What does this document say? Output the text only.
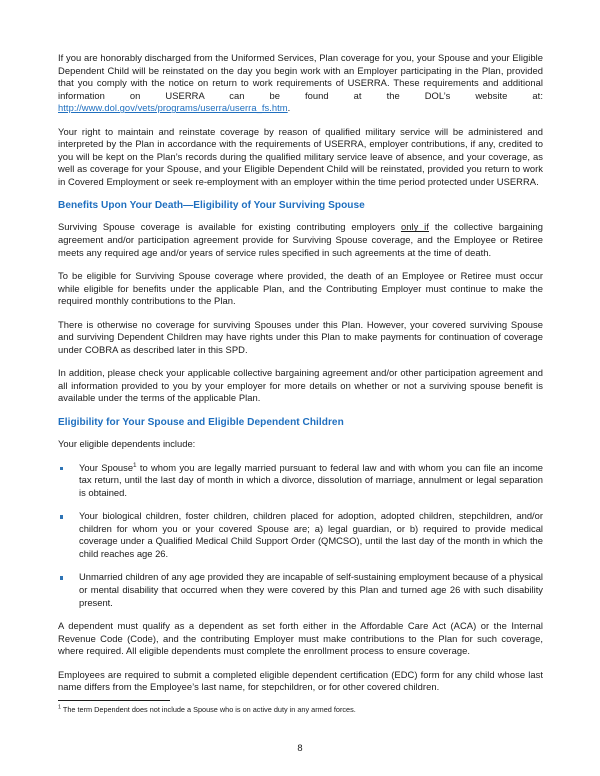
If you are honorably discharged from the Uniformed Services, Plan coverage for you, your Spouse and your Eligible Dependent Child will be reinstated on the day you begin work with an Employer participating in the Plan, provided that you comply with the notice on return to work requirements of USERRA. These requirements and additional information on USERRA can be found at the DOL’s website at: http://www.dol.gov/vets/programs/userra/userra_fs.htm.

Your right to maintain and reinstate coverage by reason of qualified military service will be administered and interpreted by the Plan in accordance with the requirements of USERRA, employer contributions, if any, credited to you will be kept on the Plan’s records during the qualified military service leave of absence, and your coverage, as well as coverage for your Spouse, and your Eligible Dependent Child will be reinstated, provided you return to work in Covered Employment or seek re-employment with an employer within the time period protected under USERRA.

Benefits Upon Your Death—Eligibility of Your Surviving Spouse

Surviving Spouse coverage is available for existing contributing employers only if the collective bargaining agreement and/or participation agreement provide for Surviving Spouse coverage, and the Employee or Retiree meets any required age and/or years of service rules specified in such agreements at the time of death.

To be eligible for Surviving Spouse coverage where provided, the death of an Employee or Retiree must occur while eligible for benefits under the applicable Plan, and the Contributing Employer must continue to make the required monthly contributions to the Plan.

There is otherwise no coverage for surviving Spouses under this Plan. However, your covered surviving Spouse and surviving Dependent Children may have rights under this Plan to make payments for continuation of coverage under COBRA as described later in this SPD.

In addition, please check your applicable collective bargaining agreement and/or other participation agreement and all information provided to you by your employer for more details on whether or not a surviving spouse benefit is available under the terms of the applicable Plan.

Eligibility for Your Spouse and Eligible Dependent Children

Your eligible dependents include:

Your Spouse$^1$ to whom you are legally married pursuant to federal law and with whom you can file an income tax return, until the last day of month in which a divorce, dissolution of marriage, annulment or legal separation is obtained.
Your biological children, foster children, children placed for adoption, adopted children, stepchildren, and/or children for whom you or your covered Spouse are; a) legal guardian, or b) required to provide medical coverage under a Qualified Medical Child Support Order (QMCSO), until the last day of the month in which the child reaches age 26.
Unmarried children of any age provided they are incapable of self-sustaining employment because of a physical or mental disability that occurred when they were covered by this Plan and turned age 26 with such disability present.

A dependent must qualify as a dependent as set forth either in the Affordable Care Act (ACA) or the Internal Revenue Code (Code), and the contributing Employer must make contributions to the Plan for such coverage, where required. All eligible dependents must complete the enrollment process to ensure coverage.

Employees are required to submit a completed eligible dependent certification (EDC) form for any child whose last name differs from the Employee’s last name, for stepchildren, or for other covered children.

$^1$ The term Dependent does not include a Spouse who is on active duty in any armed forces.

8
